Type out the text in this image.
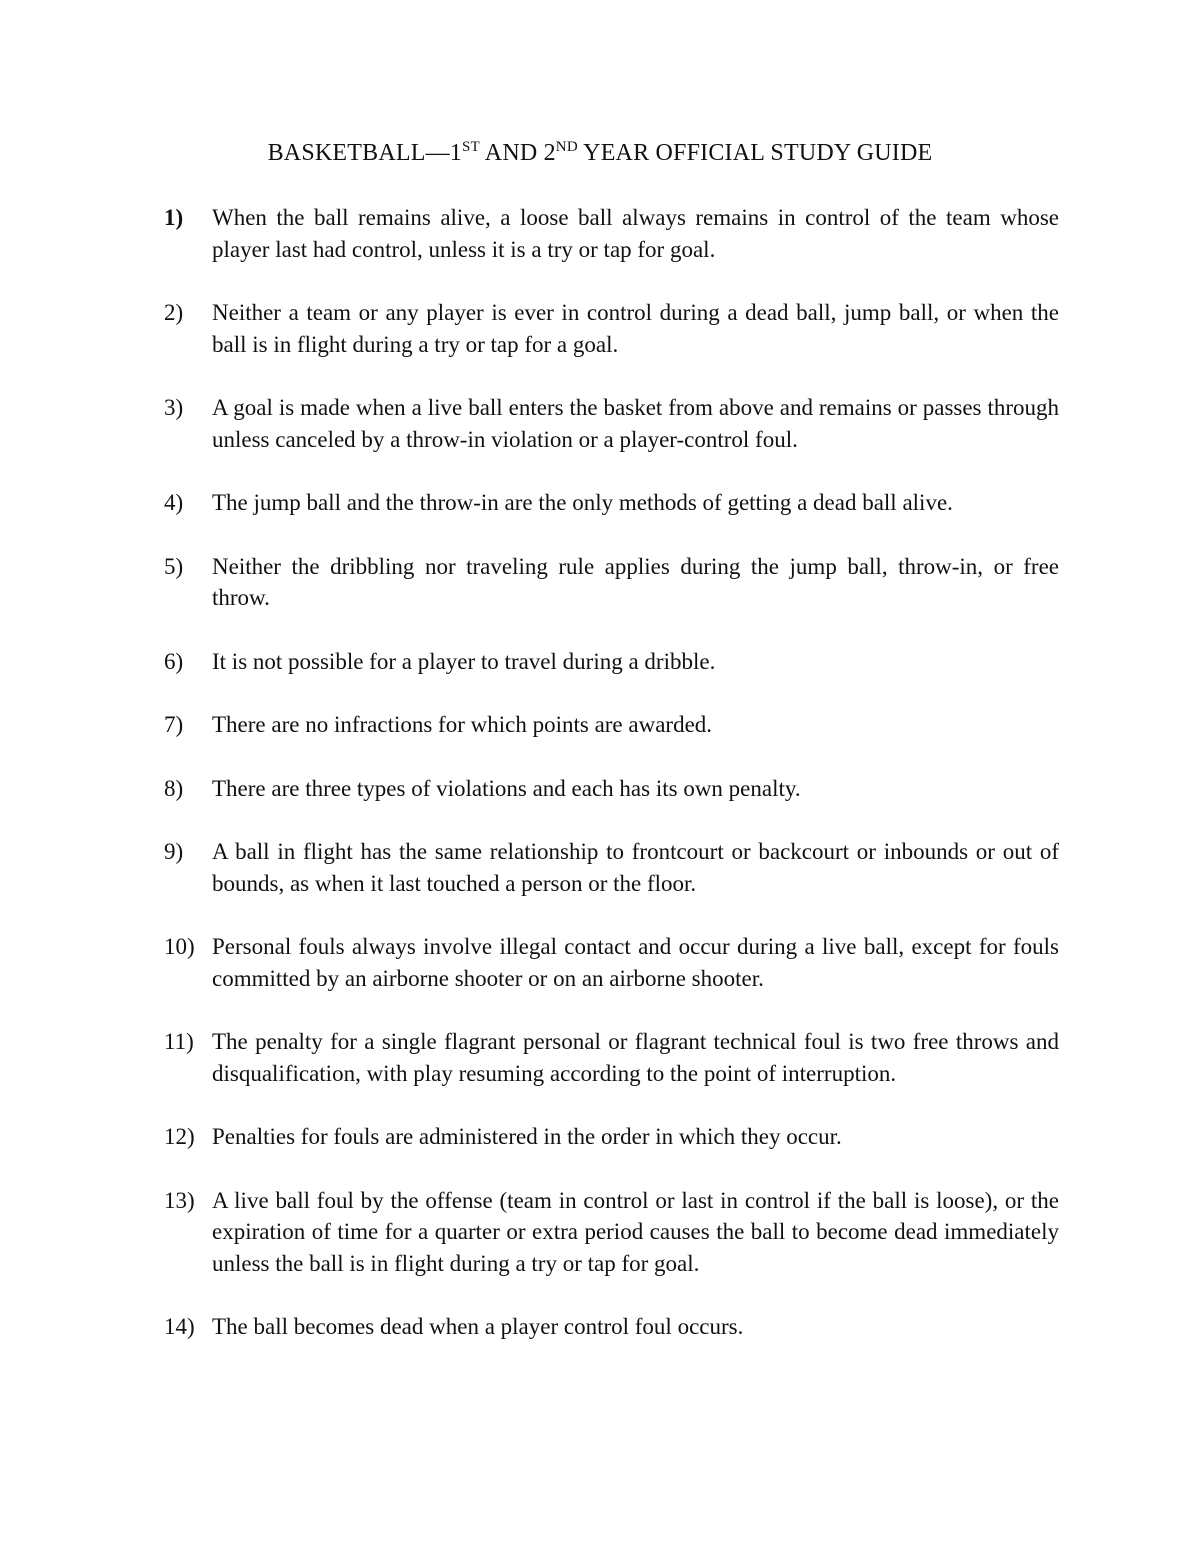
BASKETBALL—1ST AND 2ND YEAR OFFICIAL STUDY GUIDE
1) When the ball remains alive, a loose ball always remains in control of the team whose player last had control, unless it is a try or tap for goal.
2) Neither a team or any player is ever in control during a dead ball, jump ball, or when the ball is in flight during a try or tap for a goal.
3) A goal is made when a live ball enters the basket from above and remains or passes through unless canceled by a throw-in violation or a player-control foul.
4) The jump ball and the throw-in are the only methods of getting a dead ball alive.
5) Neither the dribbling nor traveling rule applies during the jump ball, throw-in, or free throw.
6) It is not possible for a player to travel during a dribble.
7) There are no infractions for which points are awarded.
8) There are three types of violations and each has its own penalty.
9) A ball in flight has the same relationship to frontcourt or backcourt or inbounds or out of bounds, as when it last touched a person or the floor.
10) Personal fouls always involve illegal contact and occur during a live ball, except for fouls committed by an airborne shooter or on an airborne shooter.
11) The penalty for a single flagrant personal or flagrant technical foul is two free throws and disqualification, with play resuming according to the point of interruption.
12) Penalties for fouls are administered in the order in which they occur.
13) A live ball foul by the offense (team in control or last in control if the ball is loose), or the expiration of time for a quarter or extra period causes the ball to become dead immediately unless the ball is in flight during a try or tap for goal.
14) The ball becomes dead when a player control foul occurs.
